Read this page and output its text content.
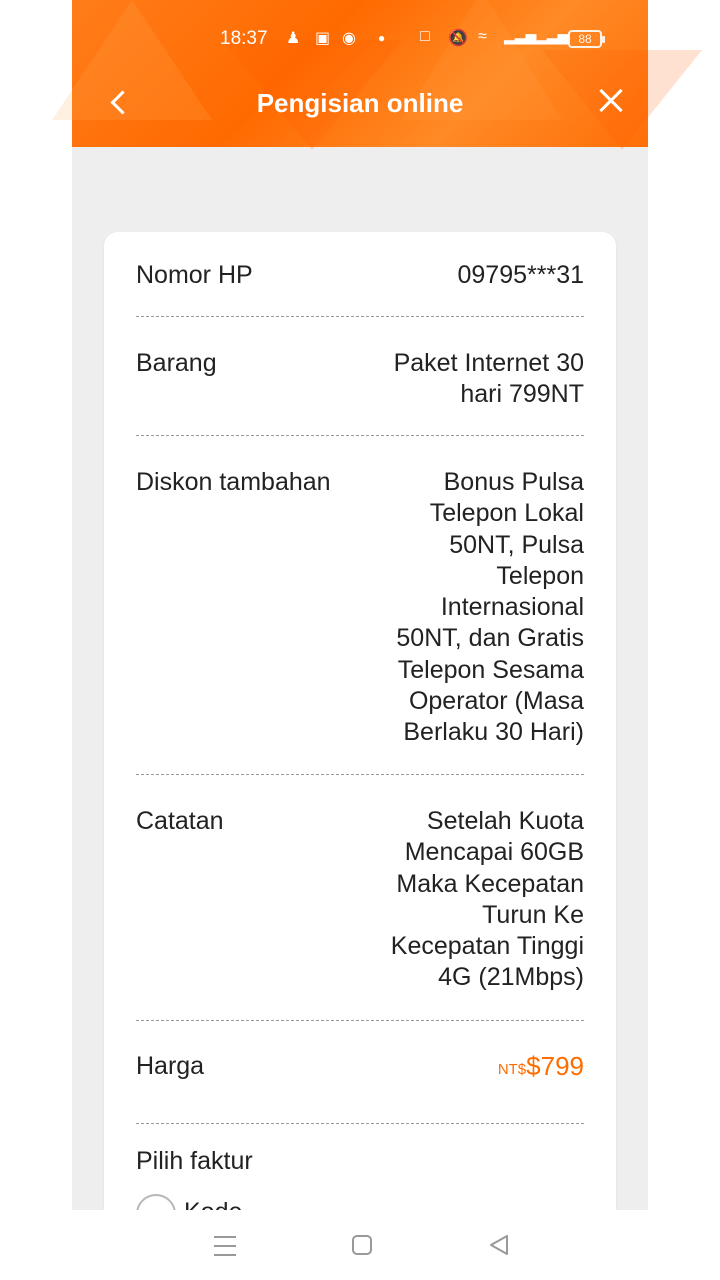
18:37 ♟ ▣ ◉ ● □ 🔕 ≈ ▂▃▅ ▂▃▅ 88
Pengisian online
Nomor HP	09795***31
Barang	Paket Internet 30 hari 799NT
Diskon tambahan	Bonus Pulsa Telepon Lokal 50NT, Pulsa Telepon Internasional 50NT, dan Gratis Telepon Sesama Operator (Masa Berlaku 30 Hari)
Catatan	Setelah Kuota Mencapai 60GB Maka Kecepatan Turun Ke Kecepatan Tinggi 4G (21Mbps)
Harga	NT$$799
Pilih faktur
